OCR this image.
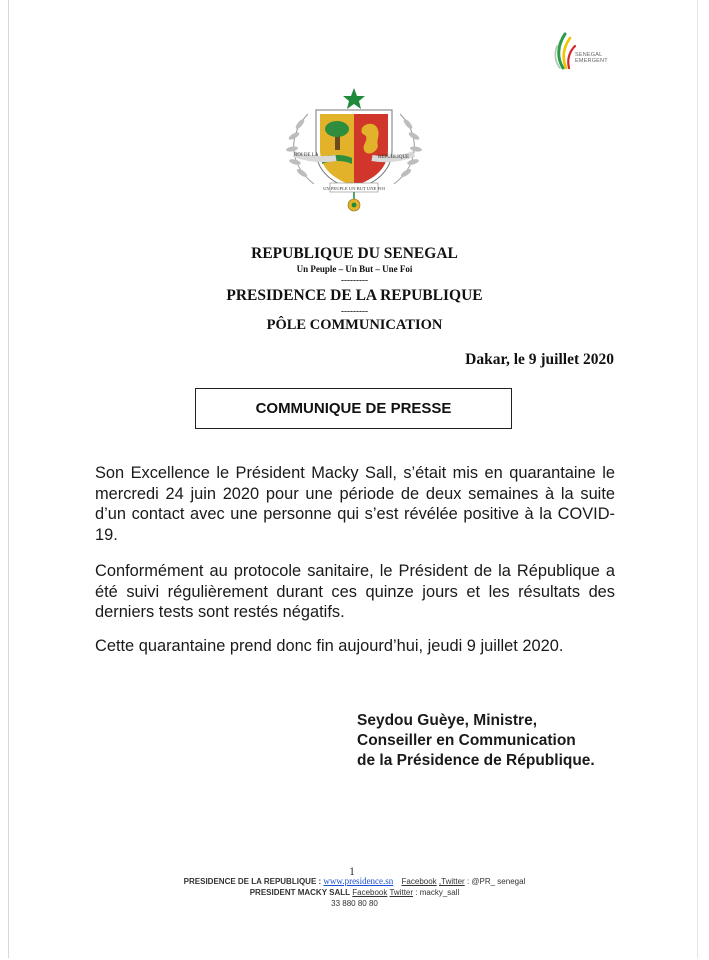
SENEGAL
EMERGENT
ROI DE LA	REPUBLIQUE
UN PEUPLE UN BUT UNE FOI
REPUBLIQUE DU SENEGAL
Un Peuple – Un But – Une Foi
---------
PRESIDENCE DE LA REPUBLIQUE
---------
PÔLE COMMUNICATION
Dakar, le 9 juillet 2020
COMMUNIQUE DE PRESSE

Son Excellence le Président Macky Sall, s’était mis en quarantaine le mercredi 24 juin 2020 pour une période de deux semaines à la suite d’un contact avec une personne qui s’est révélée positive à la COVID-19.

Conformément au protocole sanitaire, le Président de la République a été suivi régulièrement durant ces quinze jours et les résultats des derniers tests sont restés négatifs.

Cette quarantaine prend donc fin aujourd’hui, jeudi 9 juillet 2020.

Seydou Guèye, Ministre,
Conseiller en Communication
de la Présidence de République.
1
PRESIDENCE DE LA REPUBLIQUE : www.presidence.sn Facebook ,Twitter : @PR_ senegal
PRESIDENT MACKY SALL Facebook Twitter : macky_sall
33 880 80 80
